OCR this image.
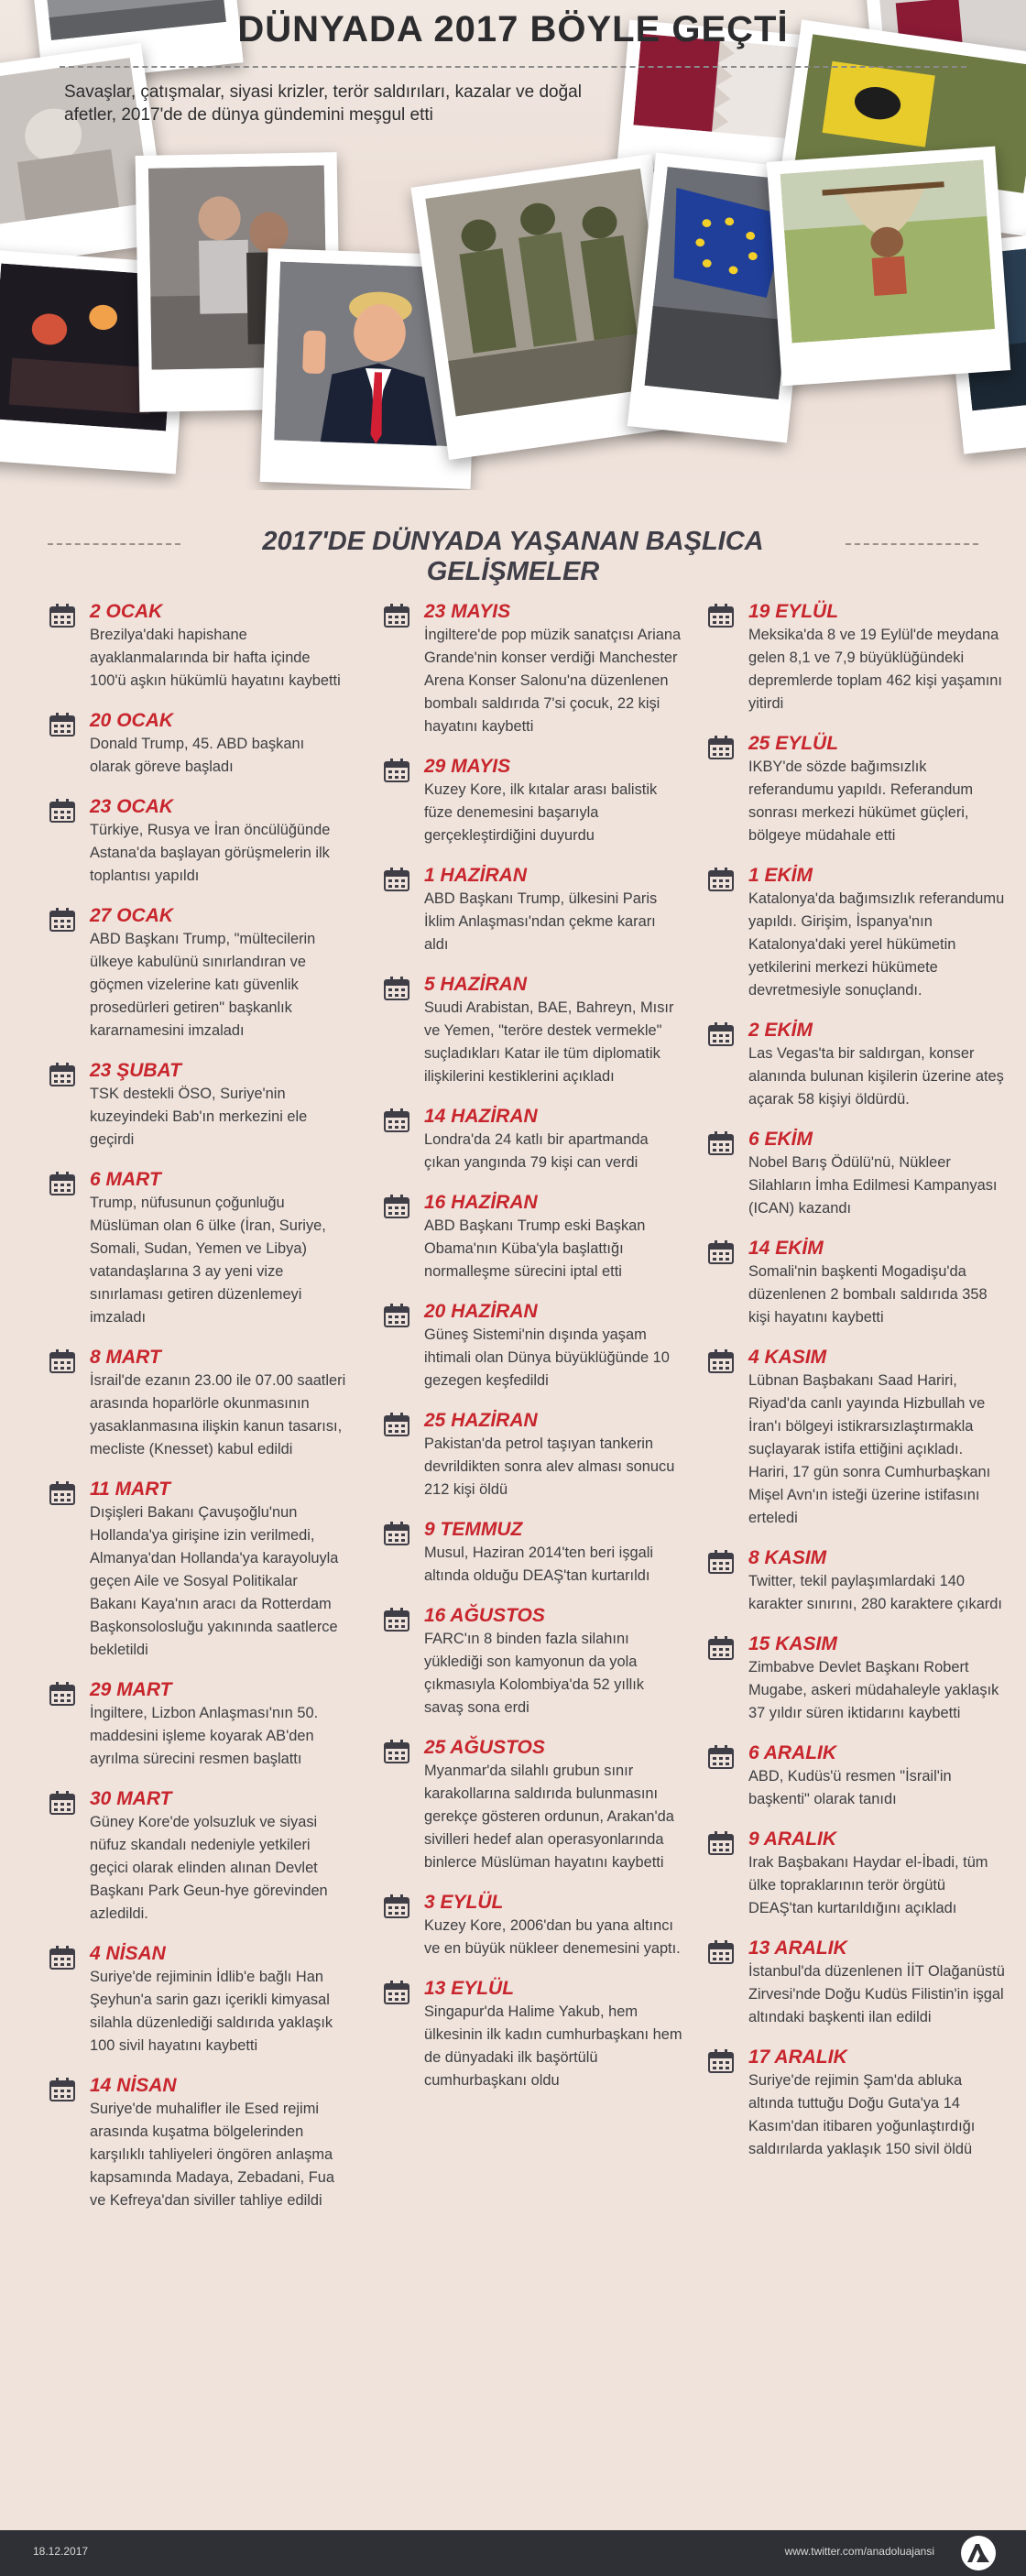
DÜNYADA 2017 BÖYLE GEÇTİ

Savaşlar, çatışmalar, siyasi krizler, terör saldırıları, kazalar ve doğal afetler, 2017'de de dünya gündemini meşgul etti

2017'DE DÜNYADA YAŞANAN BAŞLICA GELİŞMELER
2 OCAK
Brezilya'daki hapishane ayaklanmalarında bir hafta içinde 100'ü aşkın hükümlü hayatını kaybetti
20 OCAK
Donald Trump, 45. ABD başkanı olarak göreve başladı
23 OCAK
Türkiye, Rusya ve İran öncülüğünde Astana'da başlayan görüşmelerin ilk toplantısı yapıldı
27 OCAK
ABD Başkanı Trump, "mültecilerin ülkeye kabulünü sınırlandıran ve göçmen vizelerine katı güvenlik prosedürleri getiren" başkanlık kararnamesini imzaladı
23 ŞUBAT
TSK destekli ÖSO, Suriye'nin kuzeyindeki Bab'ın merkezini ele geçirdi
6 MART
Trump, nüfusunun çoğunluğu Müslüman olan 6 ülke (İran, Suriye, Somali, Sudan, Yemen ve Libya) vatandaşlarına 3 ay yeni vize sınırlaması getiren düzenlemeyi imzaladı
8 MART
İsrail'de ezanın 23.00 ile 07.00 saatleri arasında hoparlörle okunmasının yasaklanmasına ilişkin kanun tasarısı, mecliste (Knesset) kabul edildi
11 MART
Dışişleri Bakanı Çavuşoğlu'nun Hollanda'ya girişine izin verilmedi, Almanya'dan Hollanda'ya karayoluyla geçen Aile ve Sosyal Politikalar Bakanı Kaya'nın aracı da Rotterdam Başkonsolosluğu yakınında saatlerce bekletildi
29 MART
İngiltere, Lizbon Anlaşması'nın 50. maddesini işleme koyarak AB'den ayrılma sürecini resmen başlattı
30 MART
Güney Kore'de yolsuzluk ve siyasi nüfuz skandalı nedeniyle yetkileri geçici olarak elinden alınan Devlet Başkanı Park Geun-hye görevinden azledildi.
4 NİSAN
Suriye'de rejiminin İdlib'e bağlı Han Şeyhun'a sarin gazı içerikli kimyasal silahla düzenlediği saldırıda yaklaşık 100 sivil hayatını kaybetti
14 NİSAN
Suriye'de muhalifler ile Esed rejimi arasında kuşatma bölgelerinden karşılıklı tahliyeleri öngören anlaşma kapsamında Madaya, Zebadani, Fua ve Kefreya'dan siviller tahliye edildi
23 MAYIS
İngiltere'de pop müzik sanatçısı Ariana Grande'nin konser verdiği Manchester Arena Konser Salonu'na düzenlenen bombalı saldırıda 7'si çocuk, 22 kişi hayatını kaybetti
29 MAYIS
Kuzey Kore, ilk kıtalar arası balistik füze denemesini başarıyla gerçekleştirdiğini duyurdu
1 HAZİRAN
ABD Başkanı Trump, ülkesini Paris İklim Anlaşması'ndan çekme kararı aldı
5 HAZİRAN
Suudi Arabistan, BAE, Bahreyn, Mısır ve Yemen, "teröre destek vermekle" suçladıkları Katar ile tüm diplomatik ilişkilerini kestiklerini açıkladı
14 HAZİRAN
Londra'da 24 katlı bir apartmanda çıkan yangında 79 kişi can verdi
16 HAZİRAN
ABD Başkanı Trump eski Başkan Obama'nın Küba'yla başlattığı normalleşme sürecini iptal etti
20 HAZİRAN
Güneş Sistemi'nin dışında yaşam ihtimali olan Dünya büyüklüğünde 10 gezegen keşfedildi
25 HAZİRAN
Pakistan'da petrol taşıyan tankerin devrildikten sonra alev alması sonucu 212 kişi öldü
9 TEMMUZ
Musul, Haziran 2014'ten beri işgali altında olduğu DEAŞ'tan kurtarıldı
16 AĞUSTOS
FARC'ın 8 binden fazla silahını yüklediği son kamyonun da yola çıkmasıyla Kolombiya'da 52 yıllık savaş sona erdi
25 AĞUSTOS
Myanmar'da silahlı grubun sınır karakollarına saldırıda bulunmasını gerekçe gösteren ordunun, Arakan'da sivilleri hedef alan operasyonlarında binlerce Müslüman hayatını kaybetti
3 EYLÜL
Kuzey Kore, 2006'dan bu yana altıncı ve en büyük nükleer denemesini yaptı.
13 EYLÜL
Singapur'da Halime Yakub, hem ülkesinin ilk kadın cumhurbaşkanı hem de dünyadaki ilk başörtülü cumhurbaşkanı oldu
19 EYLÜL
Meksika'da 8 ve 19 Eylül'de meydana gelen 8,1 ve 7,9 büyüklüğündeki depremlerde toplam 462 kişi yaşamını yitirdi
25 EYLÜL
IKBY'de sözde bağımsızlık referandumu yapıldı. Referandum sonrası merkezi hükümet güçleri, bölgeye müdahale etti
1 EKİM
Katalonya'da bağımsızlık referandumu yapıldı. Girişim, İspanya'nın Katalonya'daki yerel hükümetin yetkilerini merkezi hükümete devretmesiyle sonuçlandı.
2 EKİM
Las Vegas'ta bir saldırgan, konser alanında bulunan kişilerin üzerine ateş açarak 58 kişiyi öldürdü.
6 EKİM
Nobel Barış Ödülü'nü, Nükleer Silahların İmha Edilmesi Kampanyası (ICAN) kazandı
14 EKİM
Somali'nin başkenti Mogadişu'da düzenlenen 2 bombalı saldırıda 358 kişi hayatını kaybetti
4 KASIM
Lübnan Başbakanı Saad Hariri, Riyad'da canlı yayında Hizbullah ve İran'ı bölgeyi istikrarsızlaştırmakla suçlayarak istifa ettiğini açıkladı. Hariri, 17 gün sonra Cumhurbaşkanı Mişel Avn'ın isteği üzerine istifasını erteledi
8 KASIM
Twitter, tekil paylaşımlardaki 140 karakter sınırını, 280 karaktere çıkardı
15 KASIM
Zimbabve Devlet Başkanı Robert Mugabe, askeri müdahaleyle yaklaşık 37 yıldır süren iktidarını kaybetti
6 ARALIK
ABD, Kudüs'ü resmen "İsrail'in başkenti" olarak tanıdı
9 ARALIK
Irak Başbakanı Haydar el-İbadi, tüm ülke topraklarının terör örgütü DEAŞ'tan kurtarıldığını açıkladı
13 ARALIK
İstanbul'da düzenlenen İİT Olağanüstü Zirvesi'nde Doğu Kudüs Filistin'in işgal altındaki başkenti ilan edildi
17 ARALIK
Suriye'de rejimin Şam'da abluka altında tuttuğu Doğu Guta'ya 14 Kasım'dan itibaren yoğunlaştırdığı saldırılarda yaklaşık 150 sivil öldü
18.12.2017	www.twitter.com/anadoluajansi
